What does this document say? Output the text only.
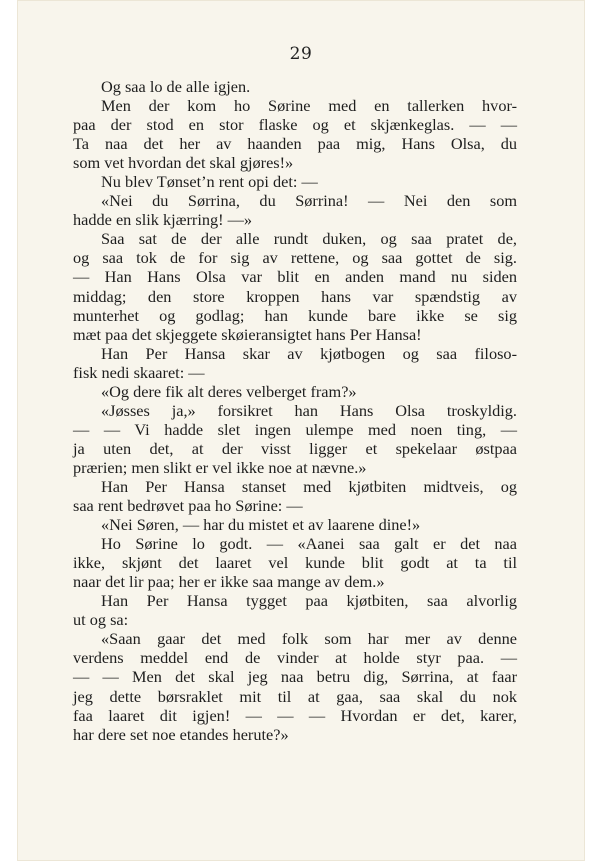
29
Og saa lo de alle igjen.
Men der kom ho Sørine med en tallerken hvor-
paa der stod en stor flaske og et skjænkeglas. — —
Ta naa det her av haanden paa mig, Hans Olsa, du
som vet hvordan det skal gjøres!»
Nu blev Tønset’n rent opi det: —
«Nei du Sørrina, du Sørrina! — Nei den som
hadde en slik kjærring! —»
Saa sat de der alle rundt duken, og saa pratet de,
og saa tok de for sig av rettene, og saa gottet de sig.
— Han Hans Olsa var blit en anden mand nu siden
middag; den store kroppen hans var spændstig av
munterhet og godlag; han kunde bare ikke se sig
mæt paa det skjeggete skøieransigtet hans Per Hansa!
Han Per Hansa skar av kjøtbogen og saa filoso-
fisk nedi skaaret: —
«Og dere fik alt deres velberget fram?»
«Jøsses ja,» forsikret han Hans Olsa troskyldig.
— — Vi hadde slet ingen ulempe med noen ting, —
ja uten det, at der visst ligger et spekelaar østpaa
prærien; men slikt er vel ikke noe at nævne.»
Han Per Hansa stanset med kjøtbiten midtveis, og
saa rent bedrøvet paa ho Sørine: —
«Nei Søren, — har du mistet et av laarene dine!»
Ho Sørine lo godt. — «Aanei saa galt er det naa
ikke, skjønt det laaret vel kunde blit godt at ta til
naar det lir paa; her er ikke saa mange av dem.»
Han Per Hansa tygget paa kjøtbiten, saa alvorlig
ut og sa:
«Saan gaar det med folk som har mer av denne
verdens meddel end de vinder at holde styr paa. —
— — Men det skal jeg naa betru dig, Sørrina, at faar
jeg dette børsraklet mit til at gaa, saa skal du nok
faa laaret dit igjen! — — — Hvordan er det, karer,
har dere set noe etandes herute?»
